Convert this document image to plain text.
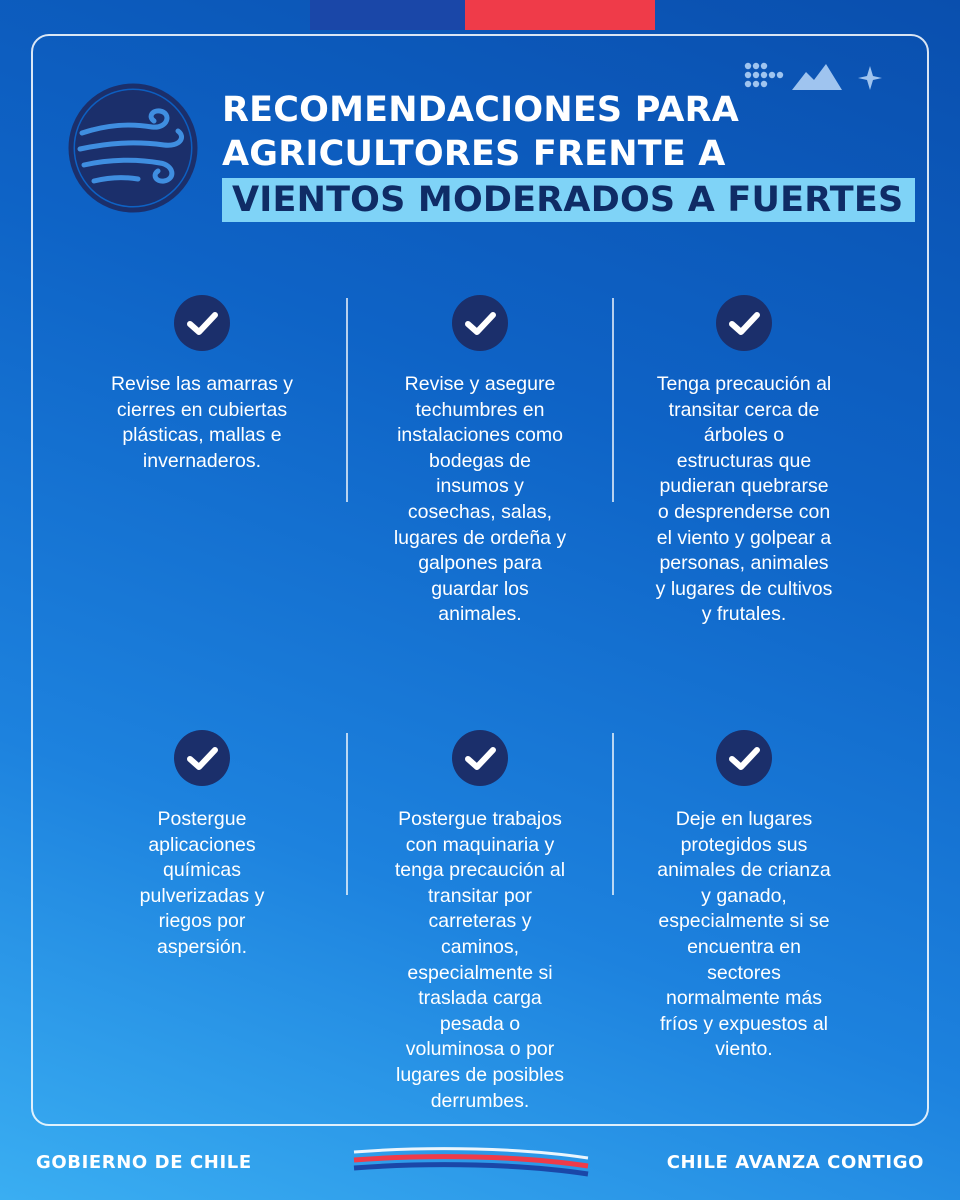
RECOMENDACIONES PARA
AGRICULTORES FRENTE A
VIENTOS MODERADOS A FUERTES
Revise las amarras y
cierres en cubiertas
plásticas, mallas e
invernaderos.
Revise y asegure
techumbres en
instalaciones como
bodegas de
insumos y
cosechas, salas,
lugares de ordeña y
galpones para
guardar los
animales.
Tenga precaución al
transitar cerca de
árboles o
estructuras que
pudieran quebrarse
o desprenderse con
el viento y golpear a
personas, animales
y lugares de cultivos
y frutales.
Postergue
aplicaciones
químicas
pulverizadas y
riegos por
aspersión.
Postergue trabajos
con maquinaria y
tenga precaución al
transitar por
carreteras y
caminos,
especialmente si
traslada carga
pesada o
voluminosa o por
lugares de posibles
derrumbes.
Deje en lugares
protegidos sus
animales de crianza
y ganado,
especialmente si se
encuentra en
sectores
normalmente más
fríos y expuestos al
viento.
GOBIERNO DE CHILE	CHILE AVANZA CONTIGO
